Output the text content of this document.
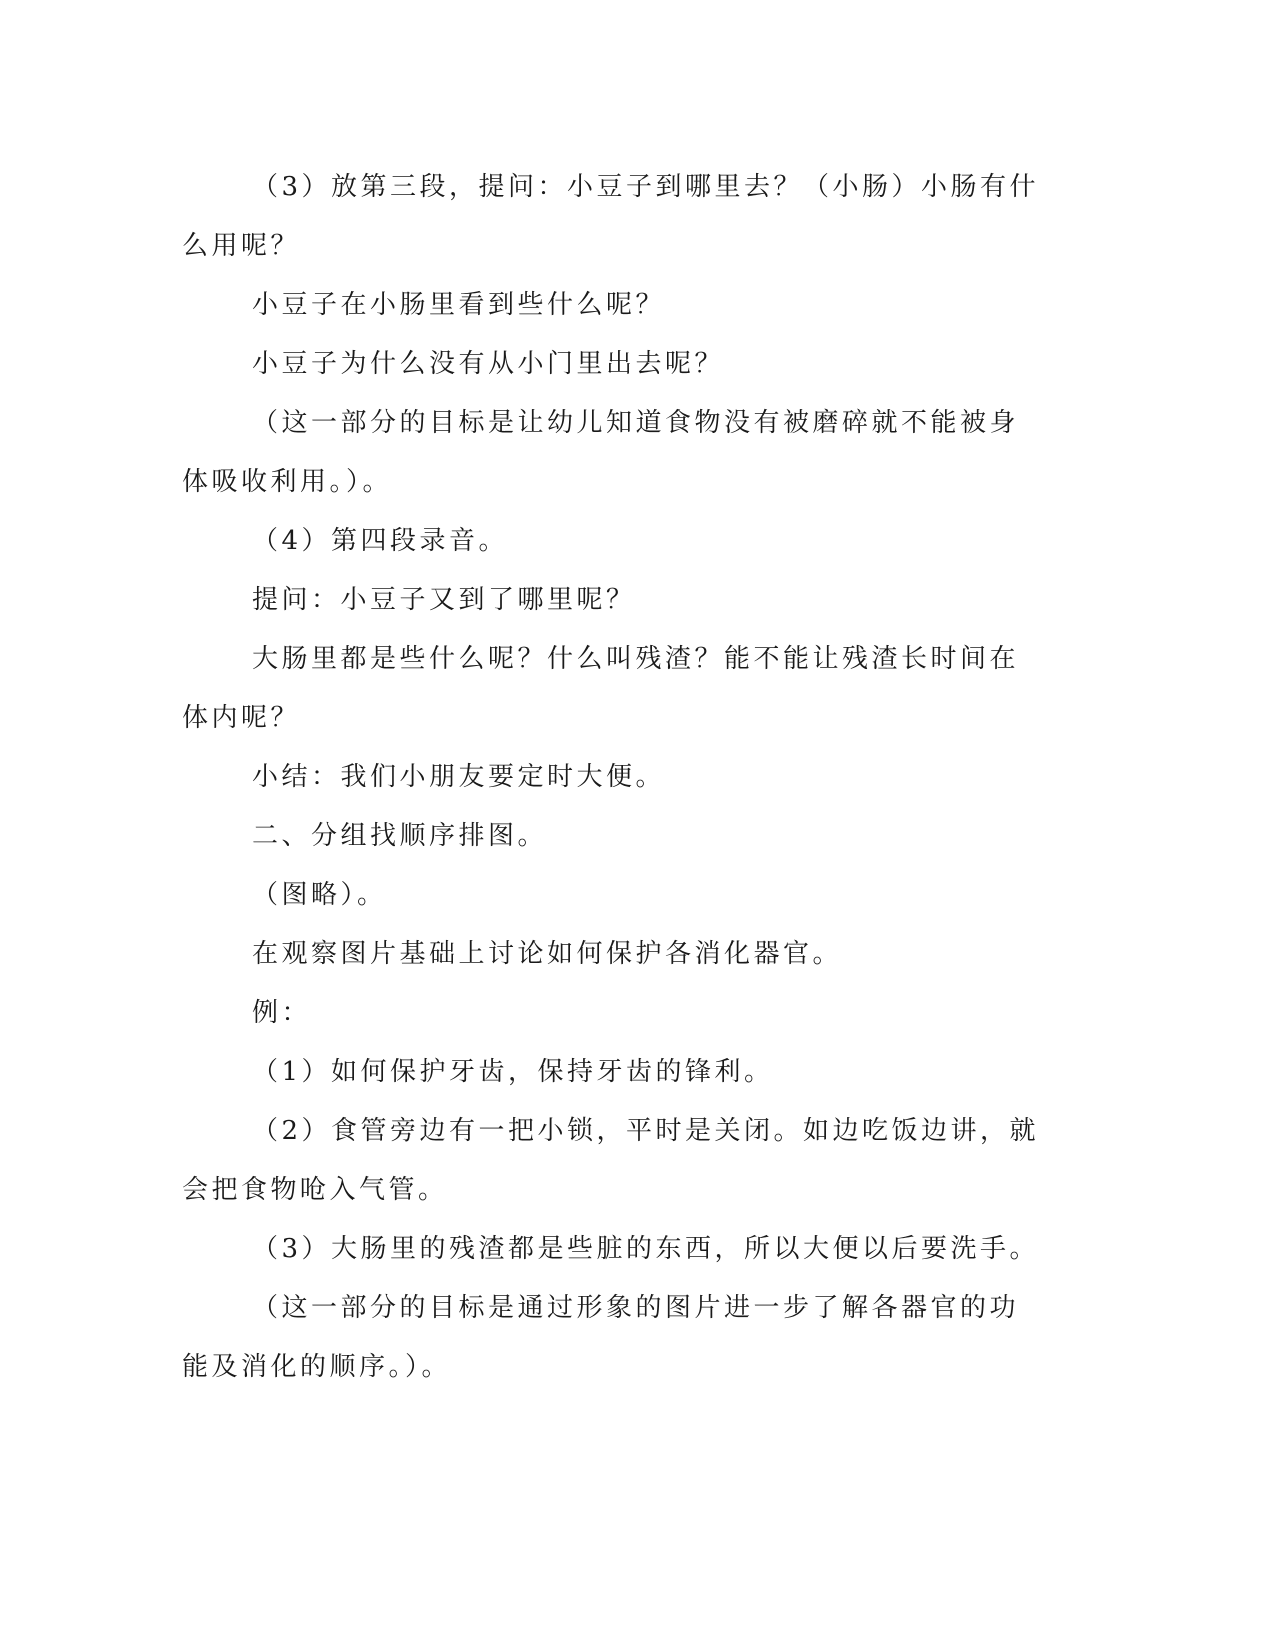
（3）放第三段，提问：小豆子到哪里去？（小肠）小肠有什么用呢？

小豆子在小肠里看到些什么呢？

小豆子为什么没有从小门里出去呢？

（这一部分的目标是让幼儿知道食物没有被磨碎就不能被身体吸收利用。）。

（4）第四段录音。

提问：小豆子又到了哪里呢？

大肠里都是些什么呢？什么叫残渣？能不能让残渣长时间在体内呢？

小结：我们小朋友要定时大便。

二、分组找顺序排图。

（图略）。

在观察图片基础上讨论如何保护各消化器官。

例：

（1）如何保护牙齿，保持牙齿的锋利。

（2）食管旁边有一把小锁，平时是关闭。如边吃饭边讲，就会把食物呛入气管。

（3）大肠里的残渣都是些脏的东西，所以大便以后要洗手。

（这一部分的目标是通过形象的图片进一步了解各器官的功能及消化的顺序。）。
